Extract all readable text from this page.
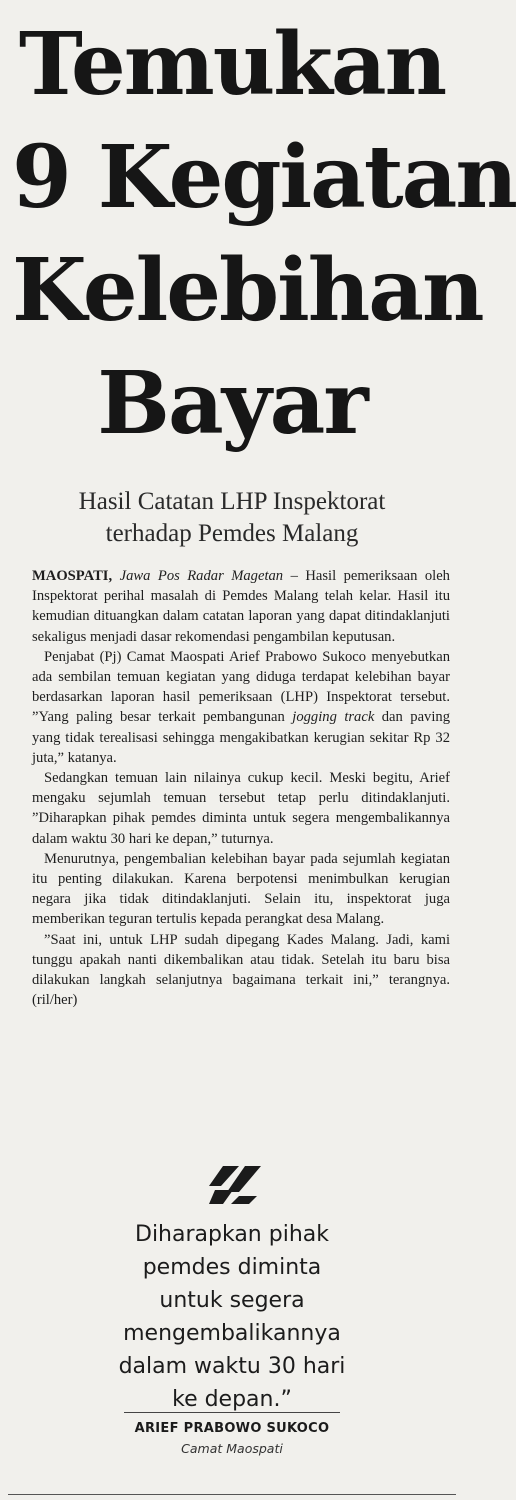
Temukan
9 Kegiatan
Kelebihan
Bayar
Hasil Catatan LHP Inspektorat
terhadap Pemdes Malang

MAOSPATI, Jawa Pos Radar Magetan – Hasil pemeriksaan oleh Inspektorat perihal masalah di Pemdes Malang telah kelar. Hasil itu kemudian dituangkan dalam catatan laporan yang dapat ditindaklanjuti sekaligus menjadi dasar rekomendasi pengambilan keputusan.

Penjabat (Pj) Camat Maospati Arief Prabowo Sukoco menyebutkan ada sembilan temuan kegiatan yang diduga terdapat kelebihan bayar berdasarkan laporan hasil pemeriksaan (LHP) Inspektorat tersebut. ”Yang paling besar terkait pembangunan jogging track dan paving yang tidak terealisasi sehingga mengakibatkan kerugian sekitar Rp 32 juta,” katanya.

Sedangkan temuan lain nilainya cukup kecil. Meski begitu, Arief mengaku sejumlah temuan tersebut tetap perlu ditindaklanjuti. ”Diharapkan pihak pemdes diminta untuk segera mengembalikannya dalam waktu 30 hari ke depan,” tuturnya.

Menurutnya, pengembalian kelebihan bayar pada sejumlah kegiatan itu penting dilakukan. Karena berpotensi menimbulkan kerugian negara jika tidak ditindaklanjuti. Selain itu, inspektorat juga memberikan teguran tertulis kepada perangkat desa Malang.

”Saat ini, untuk LHP sudah dipegang Kades Malang. Jadi, kami tunggu apakah nanti dikembalikan atau tidak. Setelah itu baru bisa dilakukan langkah selanjutnya bagaimana terkait ini,” terangnya. (ril/her)

Diharapkan pihak
pemdes diminta
untuk segera
mengembalikannya
dalam waktu 30 hari
ke depan.”
ARIEF PRABOWO SUKOCO
Camat Maospati
